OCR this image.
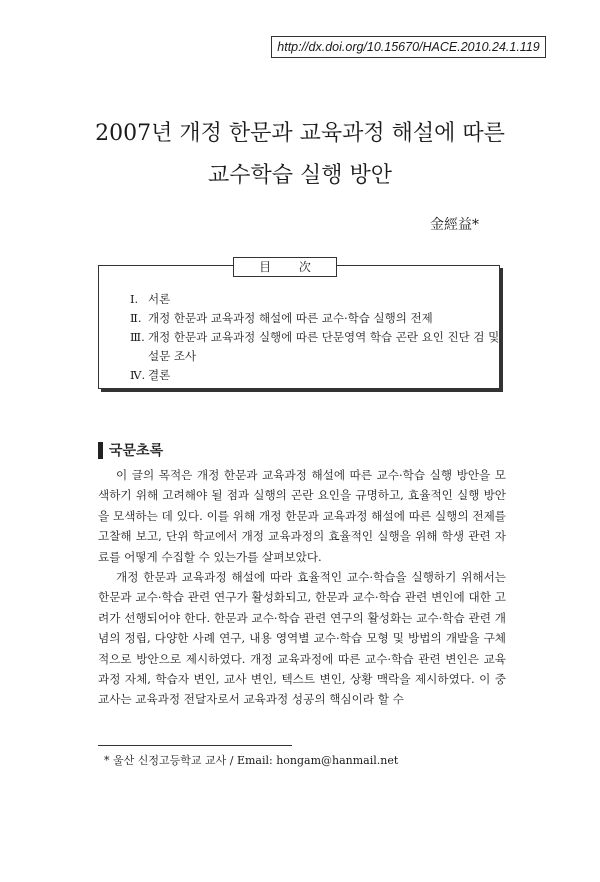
http://dx.doi.org/10.15670/HACE.2010.24.1.119
2007년 개정 한문과 교육과정 해설에 따른
교수학습 실행 방안
金經益*
目 次
Ⅰ. 서론
Ⅱ. 개정 한문과 교육과정 해설에 따른 교수·학습 실행의 전제
Ⅲ. 개정 한문과 교육과정 실행에 따른 단문영역 학습 곤란 요인 진단 검 및
설문 조사
Ⅳ. 결론
국문초록

이 글의 목적은 개정 한문과 교육과정 해설에 따른 교수·학습 실행 방안을 모색하기 위해 고려해야 될 점과 실행의 곤란 요인을 규명하고, 효율적인 실행 방안을 모색하는 데 있다. 이를 위해 개정 한문과 교육과정 해설에 따른 실행의 전제를 고찰해 보고, 단위 학교에서 개정 교육과정의 효율적인 실행을 위해 학생 관련 자료를 어떻게 수집할 수 있는가를 살펴보았다.

개정 한문과 교육과정 해설에 따라 효율적인 교수·학습을 실행하기 위해서는 한문과 교수·학습 관련 연구가 활성화되고, 한문과 교수·학습 관련 변인에 대한 고려가 선행되어야 한다. 한문과 교수·학습 관련 연구의 활성화는 교수·학습 관련 개념의 정립, 다양한 사례 연구, 내용 영역별 교수·학습 모형 및 방법의 개발을 구체적으로 방안으로 제시하였다. 개정 교육과정에 따른 교수·학습 관련 변인은 교육과정 자체, 학습자 변인, 교사 변인, 텍스트 변인, 상황 맥락을 제시하였다. 이 중 교사는 교육과정 전달자로서 교육과정 성공의 핵심이라 할 수

* 울산 신정고등학교 교사 / Email: hongam@hanmail.net
